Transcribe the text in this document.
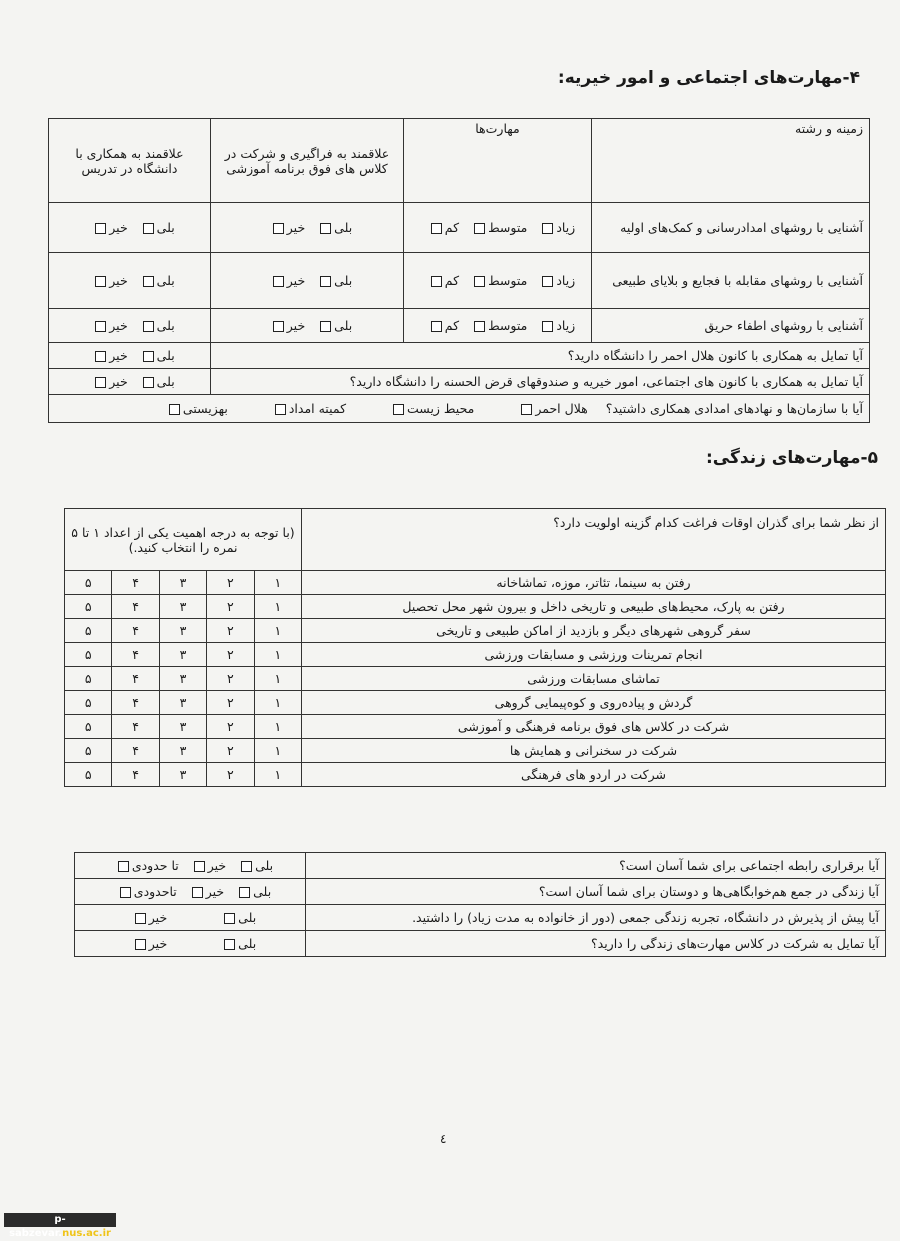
۴-مهارت‌های اجتماعی و امور خیریه:
زمینه و رشته	مهارت‌ها	علاقمند به فراگیری و شرکت در کلاس های فوق برنامه آموزشی	علاقمند به همکاری با دانشگاه در تدریس
آشنایی با روشهای امدادرسانی و کمک‌های اولیه	زیاد متوسط کم	بلی خیر	بلی خیر
آشنایی با روشهای مقابله با فجایع و بلایای طبیعی	زیاد متوسط کم	بلی خیر	بلی خیر
آشنایی با روشهای اطفاء حریق	زیاد متوسط کم	بلی خیر	بلی خیر
آیا تمایل به همکاری با کانون هلال احمر را دانشگاه دارید؟			بلی خیر
آیا تمایل به همکاری با کانون های اجتماعی، امور خیریه و صندوقهای قرض الحسنه را دانشگاه دارید؟			بلی خیر
آیا با سازمان‌ها و نهادهای امدادی همکاری داشتید؟  هلال احمر محیط زیست کمیته امداد بهزیستی			
۵-مهارت‌های زندگی:
از نظر شما برای گذران اوقات فراغت کدام گزینه اولویت دارد؟	(با توجه به درجه اهمیت یکی از اعداد ۱ تا ۵ نمره را انتخاب کنید.)				
رفتن به سینما، تئاتر، موزه، تماشاخانه	۱	۲	۳	۴	۵
رفتن به پارک، محیط‌های طبیعی و تاریخی داخل و بیرون شهر محل تحصیل	۱	۲	۳	۴	۵
سفر گروهی شهرهای دیگر و بازدید از اماکن طبیعی و تاریخی	۱	۲	۳	۴	۵
انجام تمرینات ورزشی و مسابقات ورزشی	۱	۲	۳	۴	۵
تماشای مسابقات ورزشی	۱	۲	۳	۴	۵
گردش و پیاده‌روی و کوه‌پیمایی گروهی	۱	۲	۳	۴	۵
شرکت در کلاس های فوق برنامه فرهنگی و آموزشی	۱	۲	۳	۴	۵
شرکت در سخنرانی و همایش ها	۱	۲	۳	۴	۵
شرکت در اردو های فرهنگی	۱	۲	۳	۴	۵
آیا برقراری رابطه اجتماعی برای شما آسان است؟	بلی خیر تا حدودی
آیا زندگی در جمع هم‌خوابگاهی‌ها و دوستان برای شما آسان است؟	بلی خیر تاحدودی
آیا پیش از پذیرش در دانشگاه، تجربه زندگی جمعی (دور از خانواده به مدت زیاد) را داشتید.	بلی خیر
آیا تمایل به شرکت در کلاس مهارت‌های زندگی را دارید؟	بلی خیر
٤
p-sabzevar.nus.ac.ir
